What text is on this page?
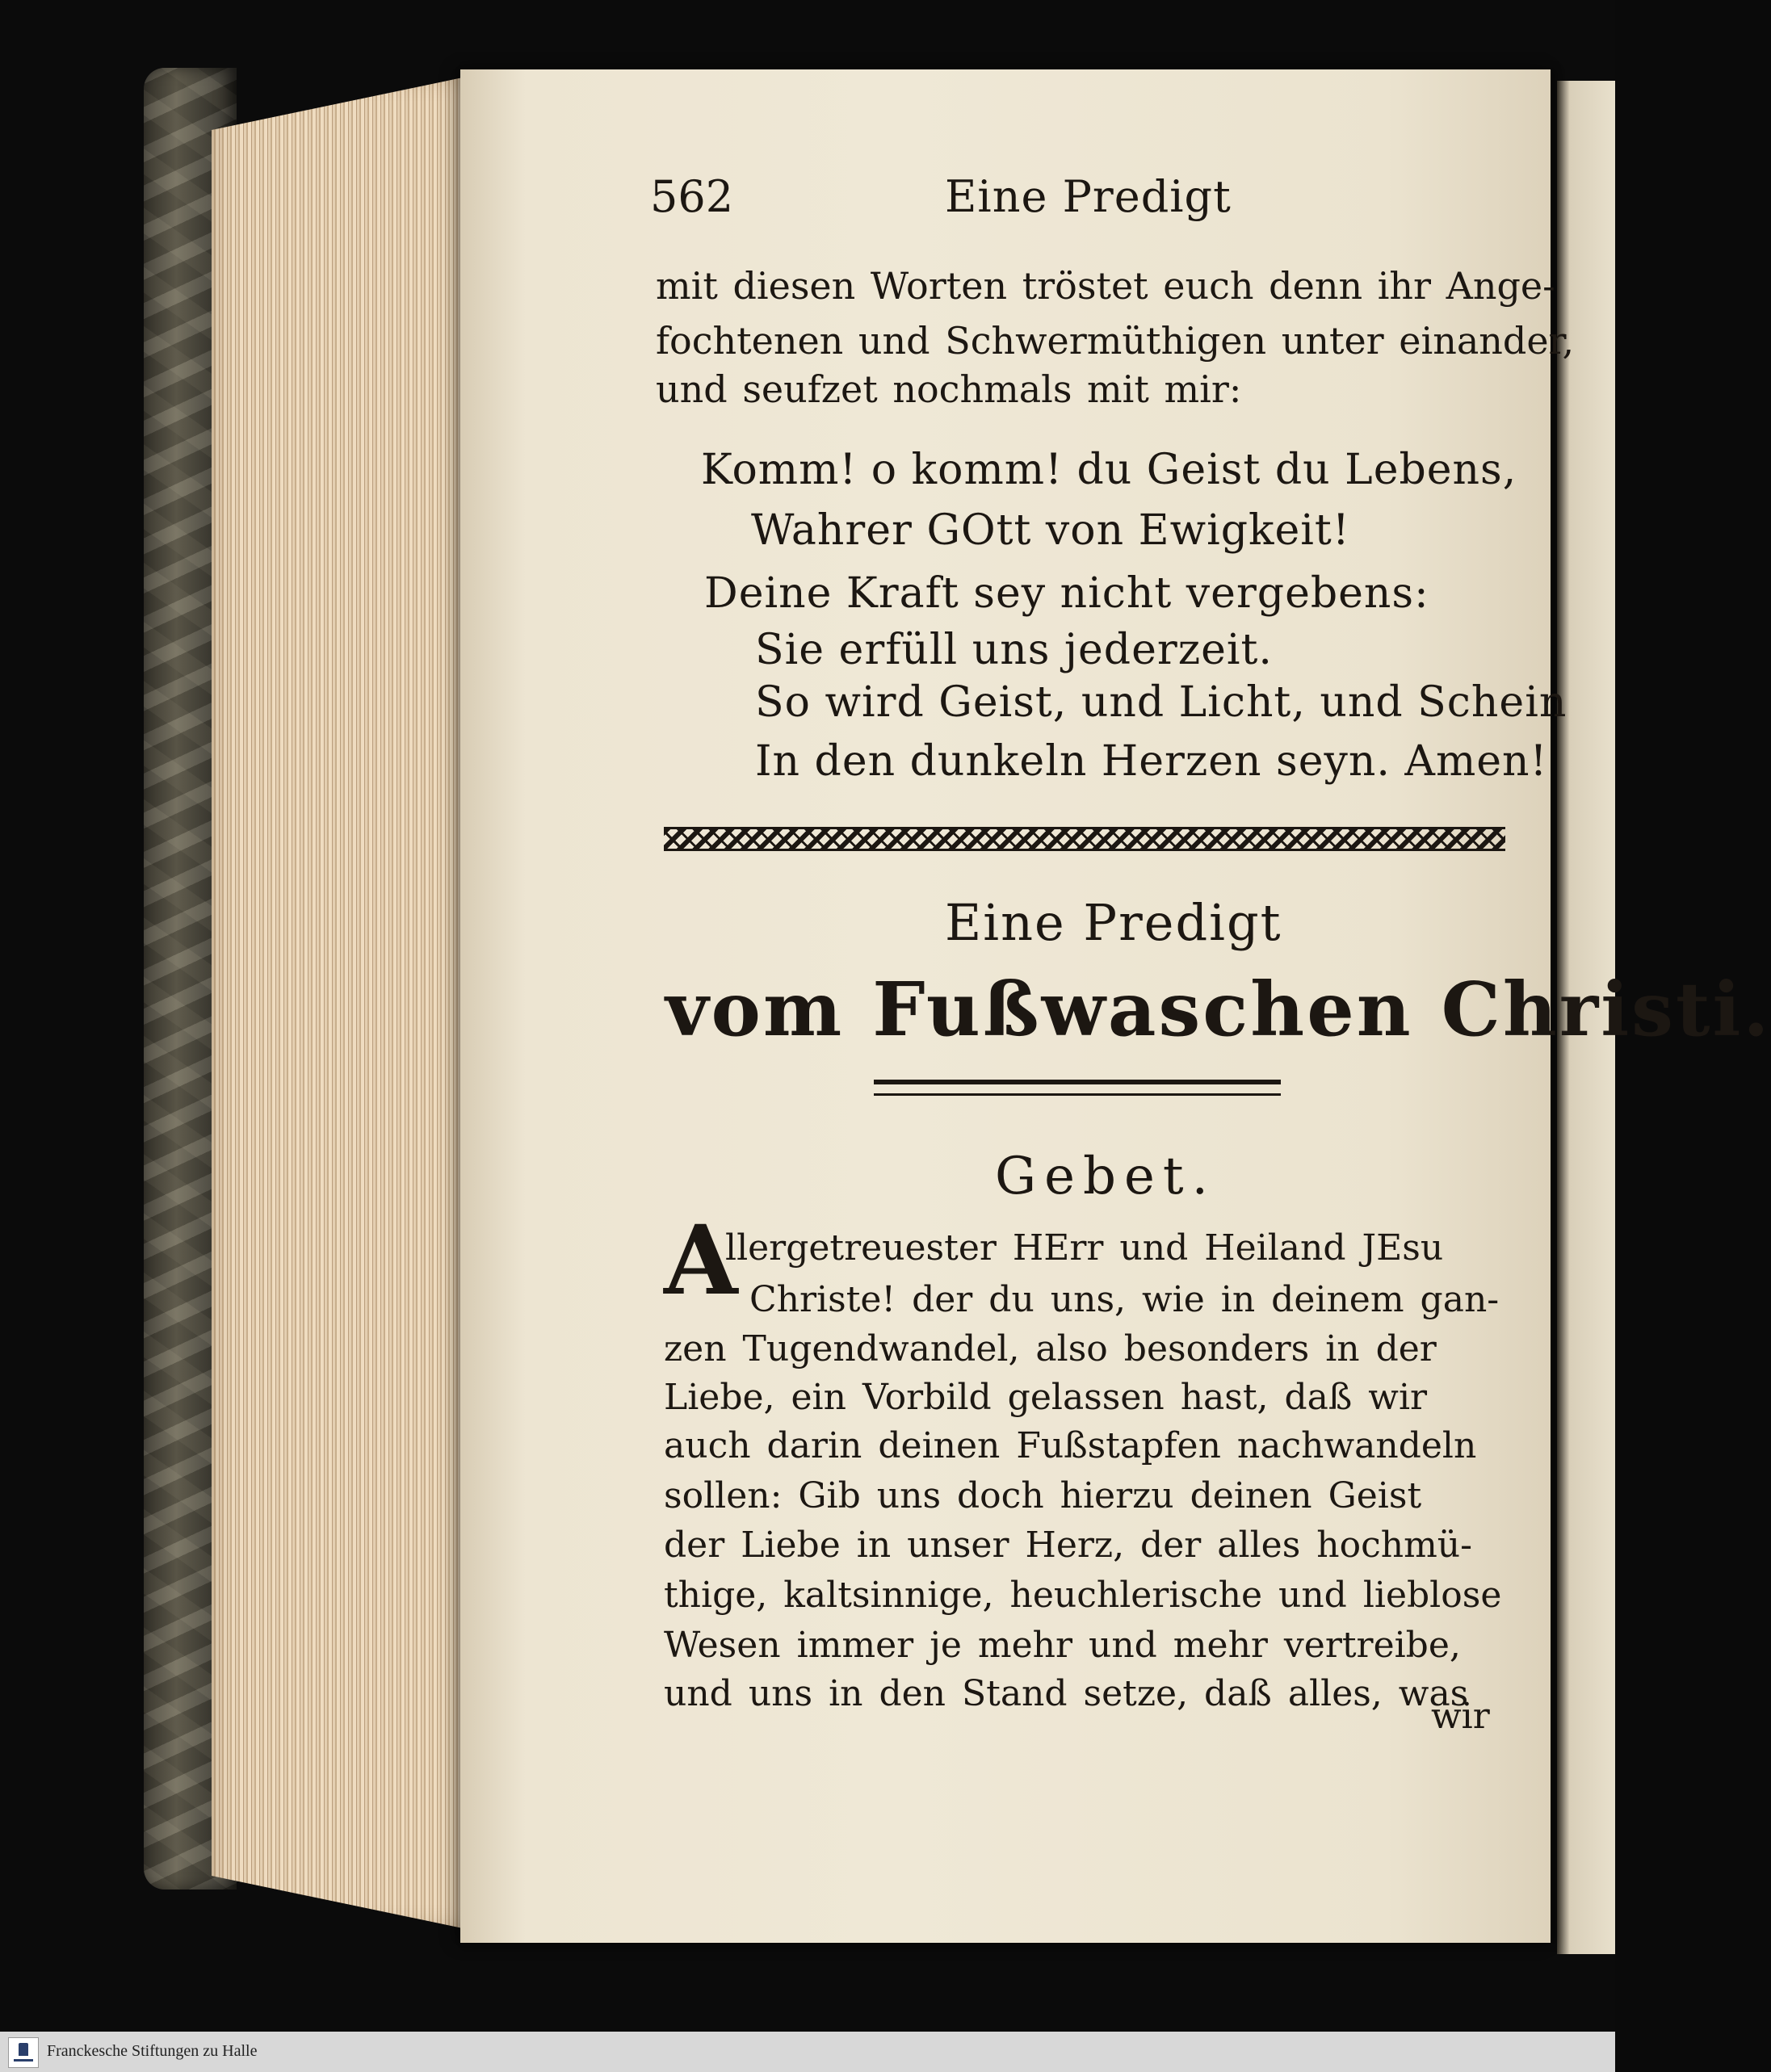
562	Eine Predigt
mit diesen Worten tröstet euch denn ihr Ange-
fochtenen und Schwermüthigen unter einander,
und seufzet nochmals mit mir:
Komm! o komm! du Geist du Lebens,
Wahrer GOtt von Ewigkeit!
Deine Kraft sey nicht vergebens:
Sie erfüll uns jederzeit.
So wird Geist, und Licht, und Schein
In den dunkeln Herzen seyn. Amen!
Eine Predigt
vom Fußwaschen Christi.
Gebet.
A
llergetreuester HErr und Heiland JEsu
Christe! der du uns, wie in deinem gan-
zen Tugendwandel, also besonders in der
Liebe, ein Vorbild gelassen hast, daß wir
auch darin deinen Fußstapfen nachwandeln
sollen: Gib uns doch hierzu deinen Geist
der Liebe in unser Herz, der alles hochmü-
thige, kaltsinnige, heuchlerische und lieblose
Wesen immer je mehr und mehr vertreibe,
und uns in den Stand setze, daß alles, was
wir
Franckesche Stiftungen zu Halle
